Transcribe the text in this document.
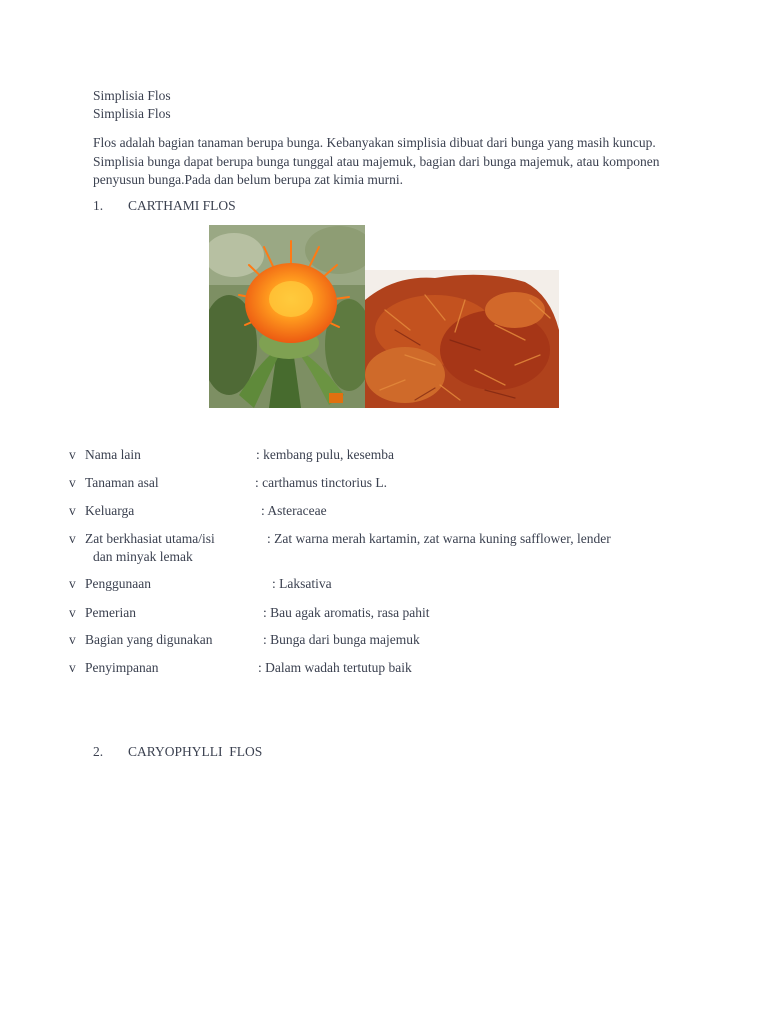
Simplisia Flos
Simplisia Flos
Flos adalah bagian tanaman berupa bunga. Kebanyakan simplisia dibuat dari bunga yang masih kuncup. Simplisia bunga dapat berupa bunga tunggal atau majemuk, bagian dari bunga majemuk, atau komponen penyusun bunga.Pada dan belum berupa zat kimia murni.
1. CARTHAMI FLOS
v Nama lain	: kembang pulu, kesemba
v Tanaman asal	: carthamus tinctorius L.
v Keluarga	: Asteraceae
v Zat berkhasiat utama/isi	: Zat warna merah kartamin, zat warna kuning safflower, lender
dan minyak lemak
v Penggunaan	: Laksativa
v Pemerian	: Bau agak aromatis, rasa pahit
v Bagian yang digunakan	: Bunga dari bunga majemuk
v Penyimpanan	: Dalam wadah tertutup baik
2. CARYOPHYLLI  FLOS
